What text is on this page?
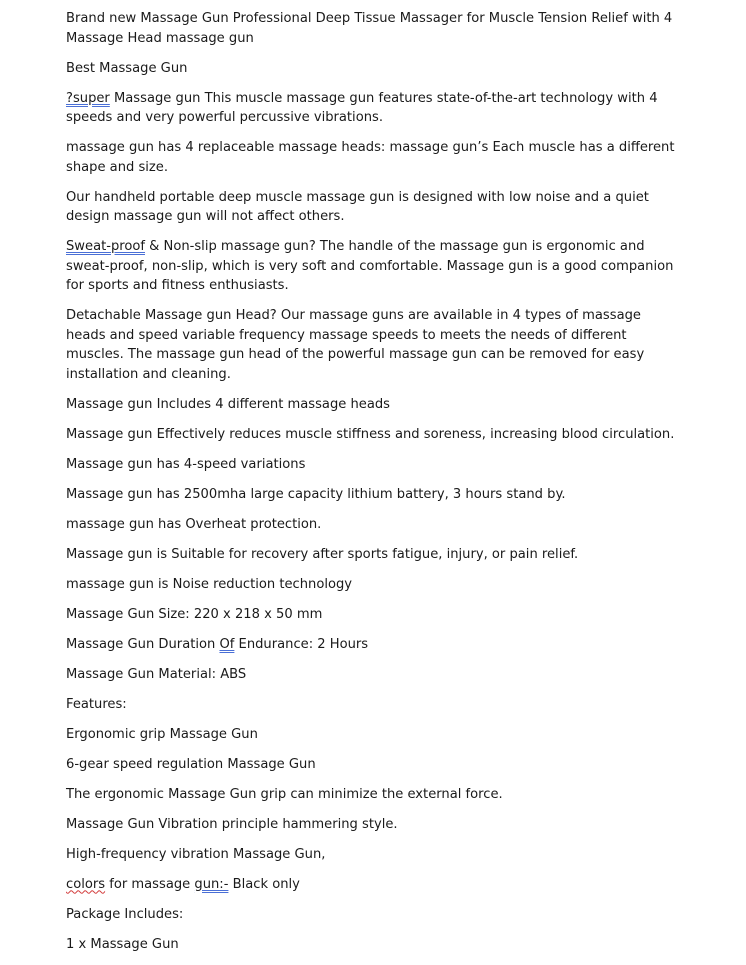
Brand new Massage Gun Professional Deep Tissue Massager for Muscle Tension Relief with 4 Massage Head massage gun

Best Massage Gun

?super Massage gun This muscle massage gun features state-of-the-art technology with 4 speeds and very powerful percussive vibrations.

massage gun has 4 replaceable massage heads: massage gun’s Each muscle has a different shape and size.

Our handheld portable deep muscle massage gun is designed with low noise and a quiet design massage gun will not affect others.

Sweat-proof & Non-slip massage gun? The handle of the massage gun is ergonomic and sweat-proof, non-slip, which is very soft and comfortable. Massage gun is a good companion for sports and fitness enthusiasts.

Detachable Massage gun Head? Our massage guns are available in 4 types of massage heads and speed variable frequency massage speeds to meets the needs of different muscles. The massage gun head of the powerful massage gun can be removed for easy installation and cleaning.

Massage gun Includes 4 different massage heads

Massage gun Effectively reduces muscle stiffness and soreness, increasing blood circulation.

Massage gun has 4-speed variations

Massage gun has 2500mha large capacity lithium battery, 3 hours stand by.

massage gun has Overheat protection.

Massage gun is Suitable for recovery after sports fatigue, injury, or pain relief.

massage gun is Noise reduction technology

Massage Gun Size: 220 x 218 x 50 mm

Massage Gun Duration Of Endurance: 2 Hours

Massage Gun Material: ABS

Features:

Ergonomic grip Massage Gun

6-gear speed regulation Massage Gun

The ergonomic Massage Gun grip can minimize the external force.

Massage Gun Vibration principle hammering style.

High-frequency vibration Massage Gun,

colors for massage gun:- Black only

Package Includes:

1 x Massage Gun
